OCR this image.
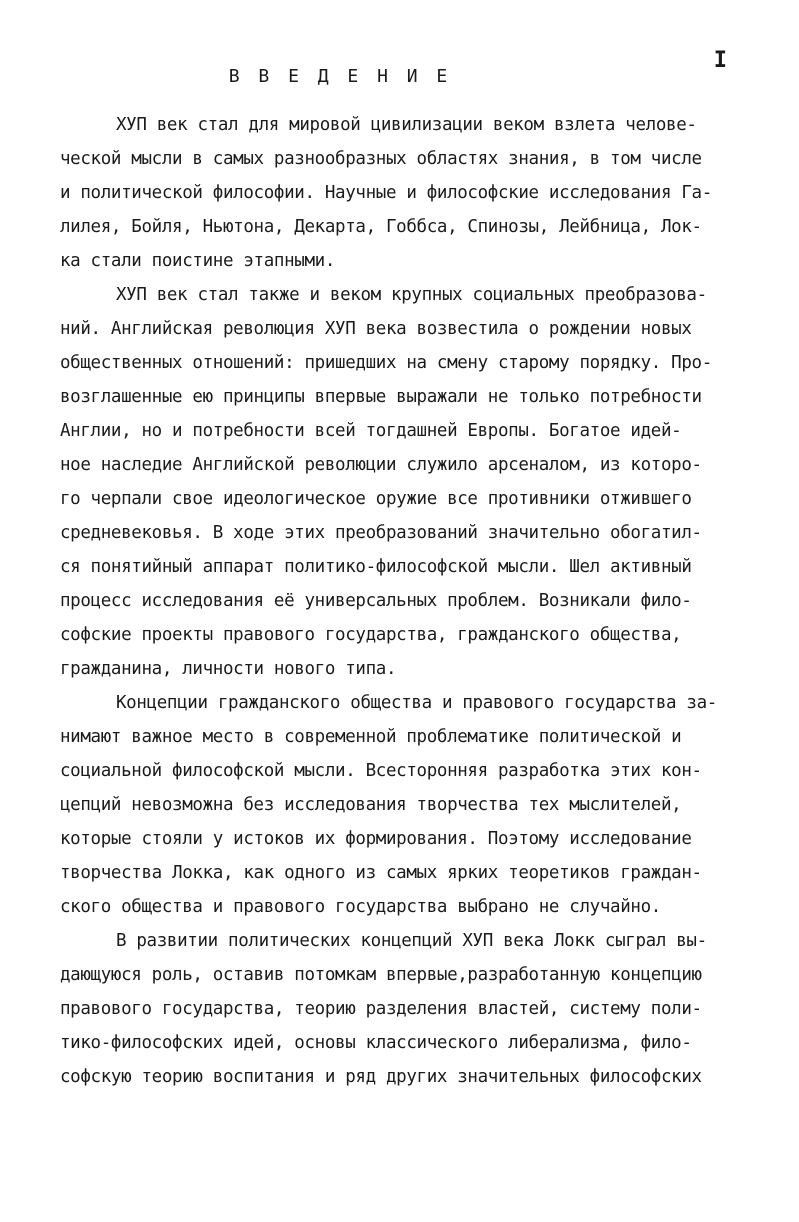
I
В В Е Д Е Н И Е
ХУП век стал для мировой цивилизации веком взлета челове-
ческой мысли в самых разнообразных областях знания, в том числе
и политической философии. Научные и философские исследования Га-
лилея, Бойля, Ньютона, Декарта, Гоббса, Спинозы, Лейбница, Лок-
ка стали поистине этапными.
ХУП век стал также и веком крупных социальных преобразова-
ний. Английская революция ХУП века возвестила о рождении новых
общественных отношений: пришедших на смену старому порядку. Про-
возглашенные ею принципы впервые выражали не только потребности
Англии, но и потребности всей тогдашней Европы. Богатое идей-
ное наследие Английской революции служило арсеналом, из которо-
го черпали свое идеологическое оружие все противники отжившего
средневековья. В ходе этих преобразований значительно обогатил-
ся понятийный аппарат политико-философской мысли. Шел активный
процесс исследования её универсальных проблем. Возникали фило-
софские проекты правового государства, гражданского общества,
гражданина, личности нового типа.
Концепции гражданского общества и правового государства за-
нимают важное место в современной проблематике политической и
социальной философской мысли. Всесторонняя разработка этих кон-
цепций невозможна без исследования творчества тех мыслителей,
которые стояли у истоков их формирования. Поэтому исследование
творчества Локка, как одного из самых ярких теоретиков граждан-
ского общества и правового государства выбрано не случайно.
В развитии политических концепций ХУП века Локк сыграл вы-
дающуюся роль, оставив потомкам впервые,разработанную концепцию
правового государства, теорию разделения властей, систему поли-
тико-философских идей, основы классического либерализма, фило-
софскую теорию воспитания и ряд других значительных философских
